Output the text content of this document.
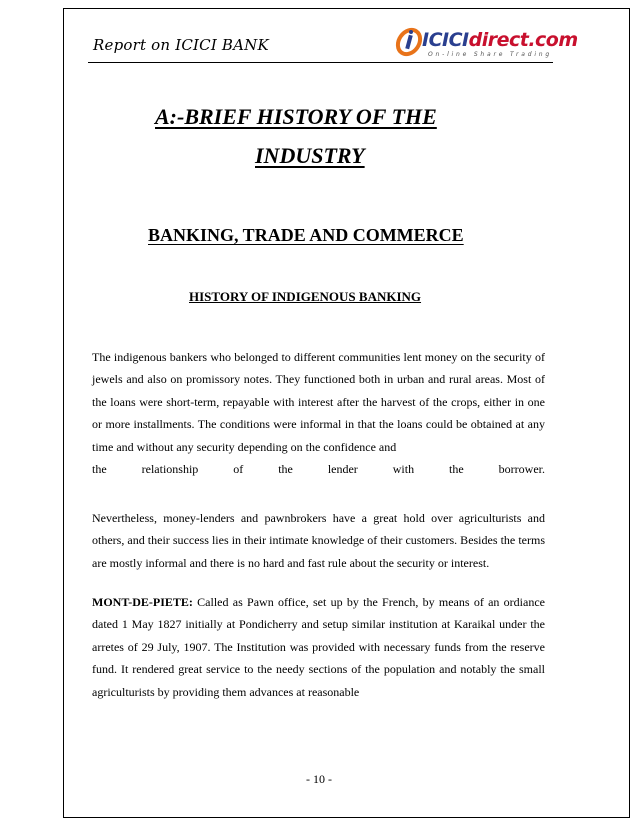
Report on ICICI BANK	ICICIdirect.com
On-line Share Trading
A:-BRIEF HISTORY OF THE
INDUSTRY
BANKING, TRADE AND COMMERCE
HISTORY OF INDIGENOUS BANKING
The indigenous bankers who belonged to different communities lent money on the security of jewels and also on promissory notes. They functioned both in urban and rural areas. Most of the loans were short-term, repayable with interest after the harvest of the crops, either in one or more installments. The conditions were informal in that the loans could be obtained at any time and without any security depending on the confidence and
the	relationship	of	the	lender	with	the	borrower.

Nevertheless, money-lenders and pawnbrokers have a great hold over agriculturists and others, and their success lies in their intimate knowledge of their customers. Besides the terms are mostly informal and there is no hard and fast rule about the security or interest.

MONT-DE-PIETE: Called as Pawn office, set up by the French, by means of an ordiance dated 1 May 1827 initially at Pondicherry and setup similar institution at Karaikal under the arretes of 29 July, 1907. The Institution was provided with necessary funds from the reserve fund. It rendered great service to the needy sections of the population and notably the small agriculturists by providing them advances at reasonable

- 10 -
